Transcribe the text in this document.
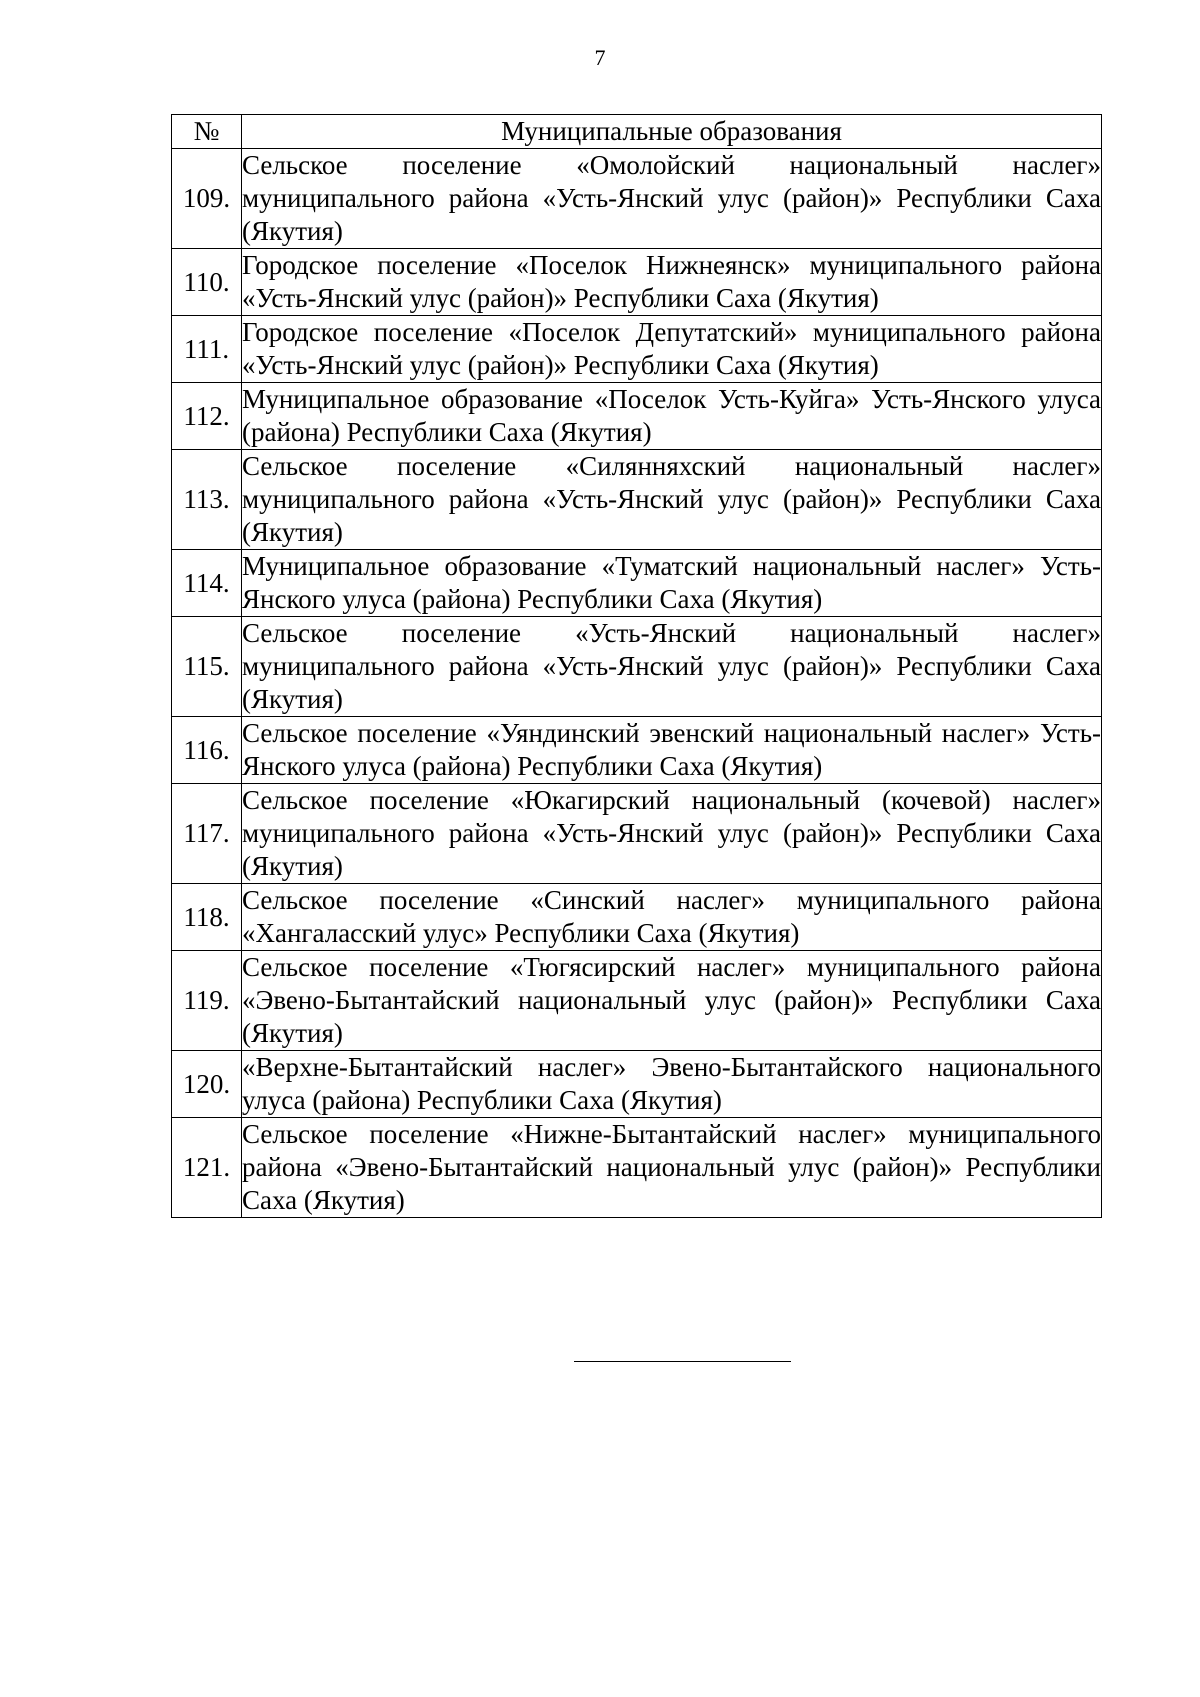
7
№	Муниципальные образования
109.	Сельское поселение «Омолойский национальный наслег» муниципального района «Усть-Янский улус (район)» Республики Саха (Якутия)
110.	Городское поселение «Поселок Нижнеянск» муниципального района «Усть-Янский улус (район)» Республики Саха (Якутия)
111.	Городское поселение «Поселок Депутатский» муниципального района «Усть-Янский улус (район)» Республики Саха (Якутия)
112.	Муниципальное образование «Поселок Усть-Куйга» Усть-Янского улуса (района) Республики Саха (Якутия)
113.	Сельское поселение «Силянняхский национальный наслег» муниципального района «Усть-Янский улус (район)» Республики Саха (Якутия)
114.	Муниципальное образование «Туматский национальный наслег» Усть-Янского улуса (района) Республики Саха (Якутия)
115.	Сельское поселение «Усть-Янский национальный наслег» муниципального района «Усть-Янский улус (район)» Республики Саха (Якутия)
116.	Сельское поселение «Уяндинский эвенский национальный наслег» Усть-Янского улуса (района) Республики Саха (Якутия)
117.	Сельское поселение «Юкагирский национальный (кочевой) наслег» муниципального района «Усть-Янский улус (район)» Республики Саха (Якутия)
118.	Сельское поселение «Синский наслег» муниципального района «Хангаласский улус» Республики Саха (Якутия)
119.	Сельское поселение «Тюгясирский наслег» муниципального района «Эвено-Бытантайский национальный улус (район)» Республики Саха (Якутия)
120.	«Верхне-Бытантайский наслег» Эвено-Бытантайского национального улуса (района) Республики Саха (Якутия)
121.	Сельское поселение «Нижне-Бытантайский наслег» муниципального района «Эвено-Бытантайский национальный улус (район)» Республики Саха (Якутия)
